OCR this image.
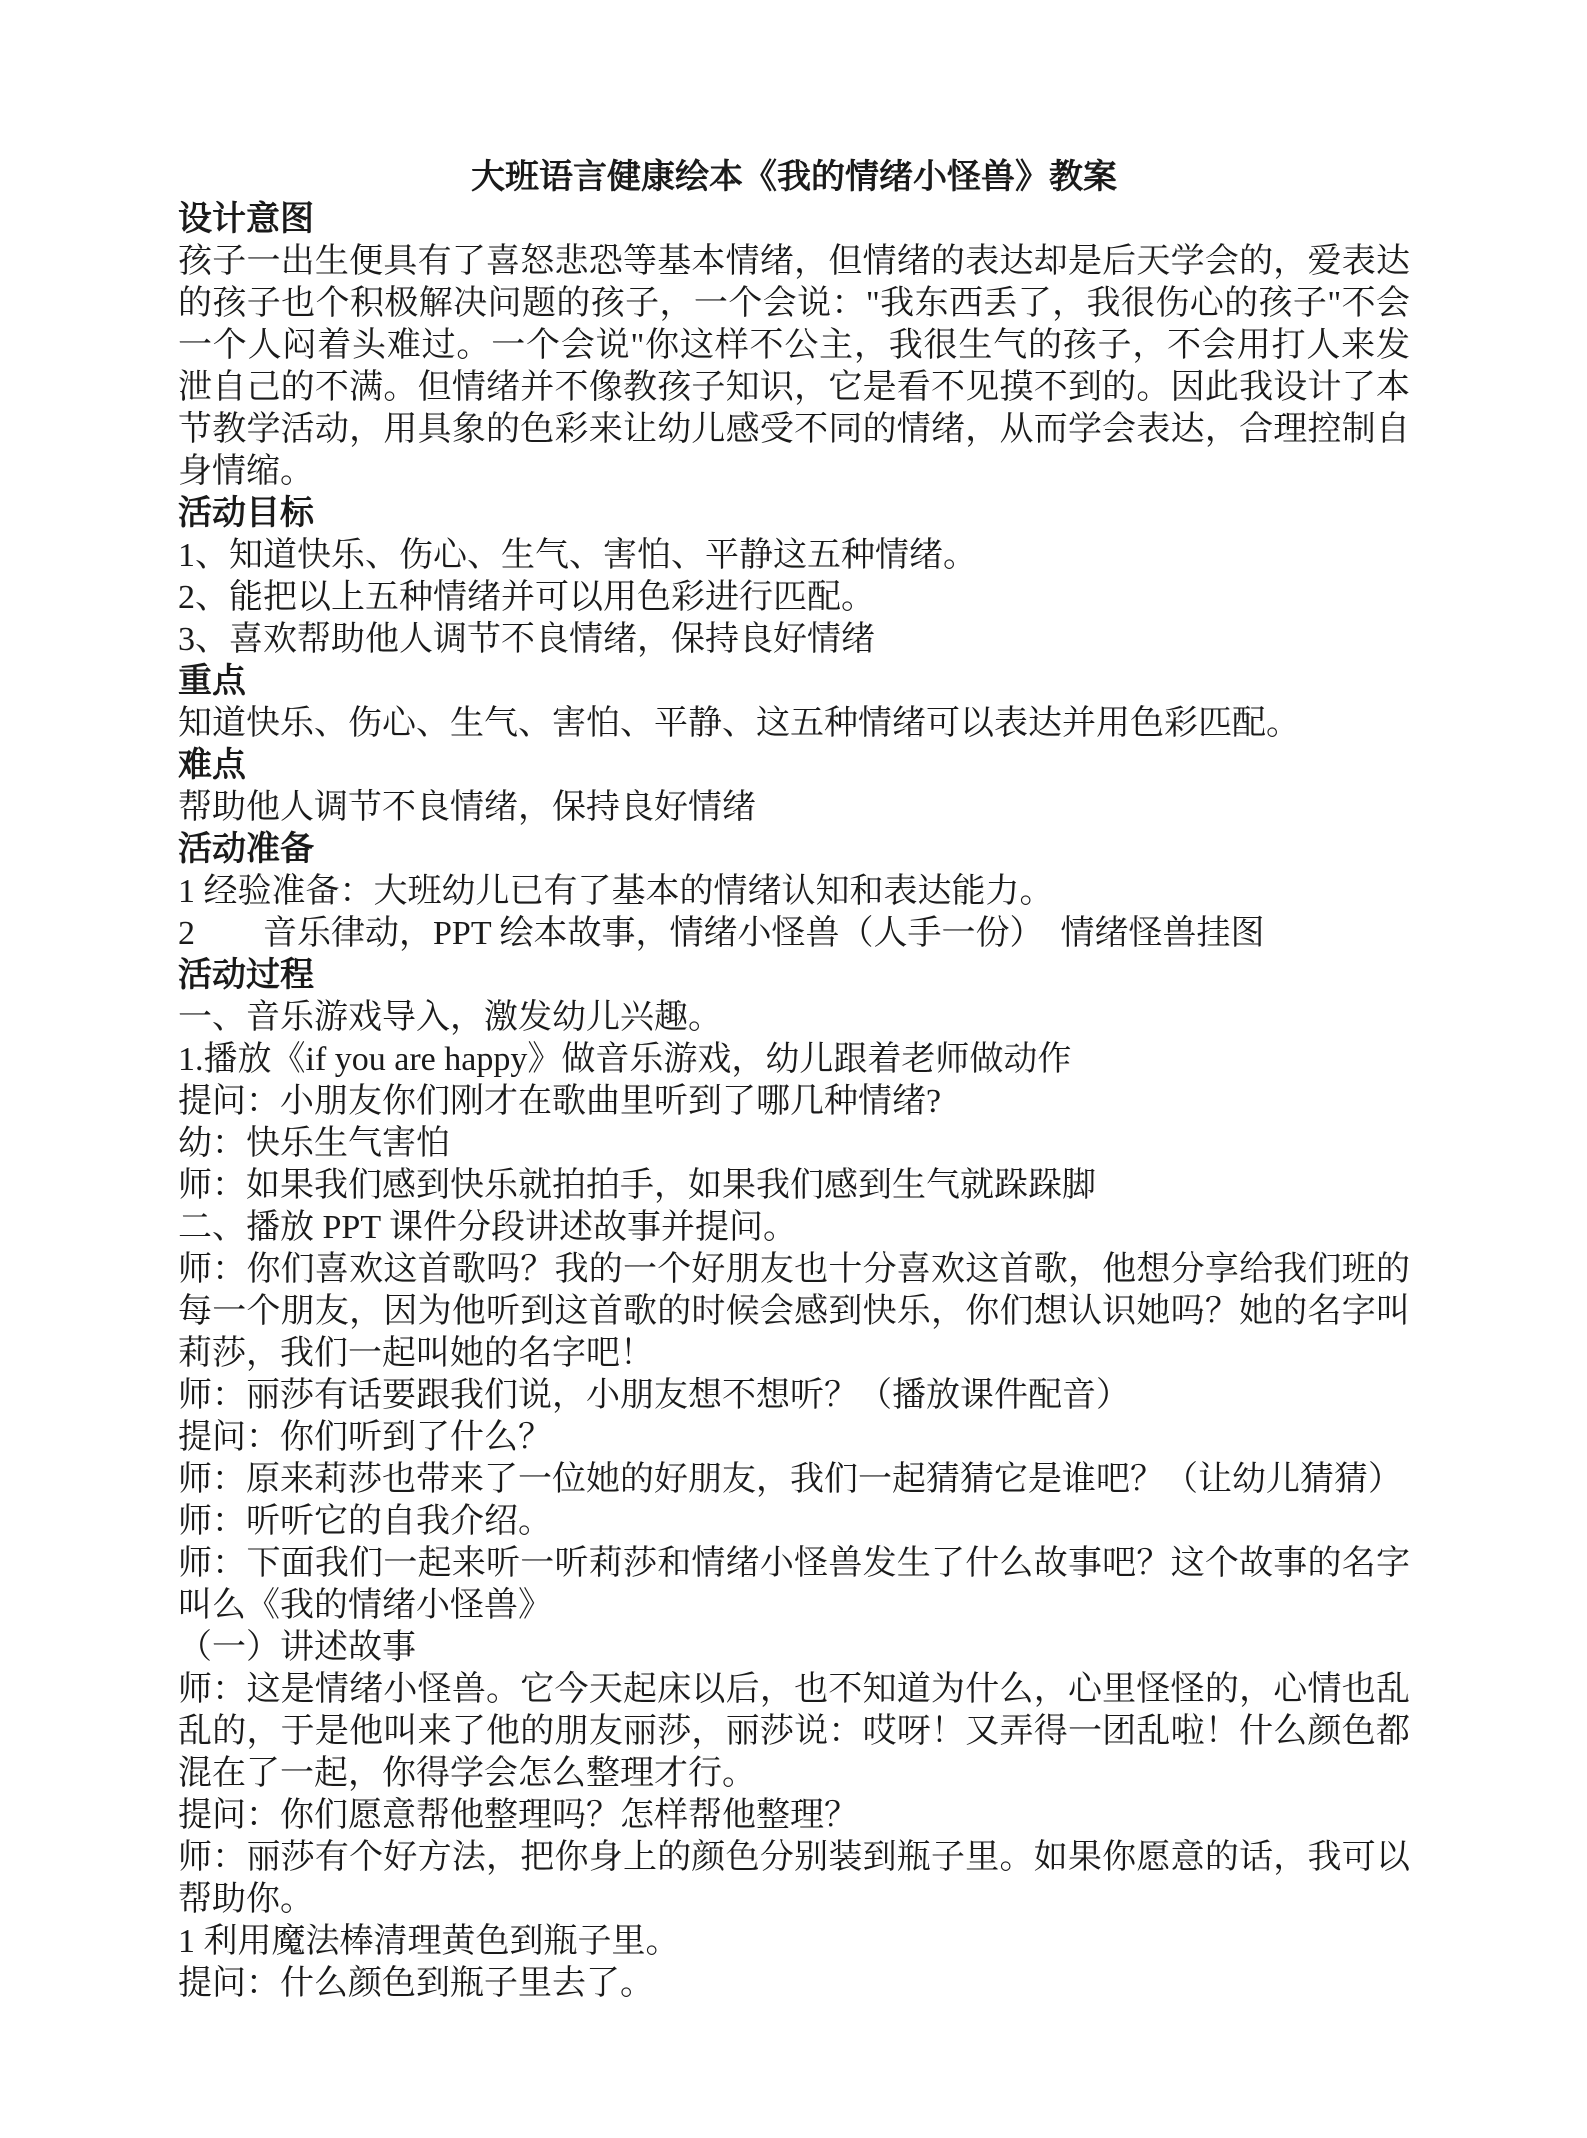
大班语言健康绘本《我的情绪小怪兽》教案

设计意图

孩子一出生便具有了喜怒悲恐等基本情绪，但情绪的表达却是后天学会的，爱表达的孩子也个积极解决问题的孩子，一个会说："我东西丢了，我很伤心的孩子"不会一个人闷着头难过。一个会说"你这样不公主，我很生气的孩子，不会用打人来发泄自己的不满。但情绪并不像教孩子知识，它是看不见摸不到的。因此我设计了本节教学活动，用具象的色彩来让幼儿感受不同的情绪，从而学会表达，合理控制自身情缩。

活动目标

1、知道快乐、伤心、生气、害怕、平静这五种情绪。

2、能把以上五种情绪并可以用色彩进行匹配。

3、喜欢帮助他人调节不良情绪，保持良好情绪

重点

知道快乐、伤心、生气、害怕、平静、这五种情绪可以表达并用色彩匹配。

难点

帮助他人调节不良情绪，保持良好情绪

活动准备

1 经验准备：大班幼儿已有了基本的情绪认知和表达能力。

2　　音乐律动，PPT 绘本故事，情绪小怪兽（人手一份）　情绪怪兽挂图

活动过程

一、音乐游戏导入，激发幼儿兴趣。

1.播放《if you are happy》做音乐游戏，幼儿跟着老师做动作

提问：小朋友你们刚才在歌曲里听到了哪几种情绪?

幼：快乐生气害怕

师：如果我们感到快乐就拍拍手，如果我们感到生气就跺跺脚

二、播放 PPT 课件分段讲述故事并提问。

师：你们喜欢这首歌吗？我的一个好朋友也十分喜欢这首歌，他想分享给我们班的每一个朋友，因为他听到这首歌的时候会感到快乐，你们想认识她吗？她的名字叫莉莎，我们一起叫她的名字吧！

师：丽莎有话要跟我们说，小朋友想不想听？（播放课件配音）

提问：你们听到了什么？

师：原来莉莎也带来了一位她的好朋友，我们一起猜猜它是谁吧？（让幼儿猜猜）

师：听听它的自我介绍。

师：下面我们一起来听一听莉莎和情绪小怪兽发生了什么故事吧？这个故事的名字叫么《我的情绪小怪兽》

（一）讲述故事

师：这是情绪小怪兽。它今天起床以后，也不知道为什么，心里怪怪的，心情也乱乱的，于是他叫来了他的朋友丽莎，丽莎说：哎呀！又弄得一团乱啦！什么颜色都混在了一起，你得学会怎么整理才行。

提问：你们愿意帮他整理吗？怎样帮他整理？

师：丽莎有个好方法，把你身上的颜色分别装到瓶子里。如果你愿意的话，我可以帮助你。

1 利用魔法棒清理黄色到瓶子里。

提问：什么颜色到瓶子里去了。
